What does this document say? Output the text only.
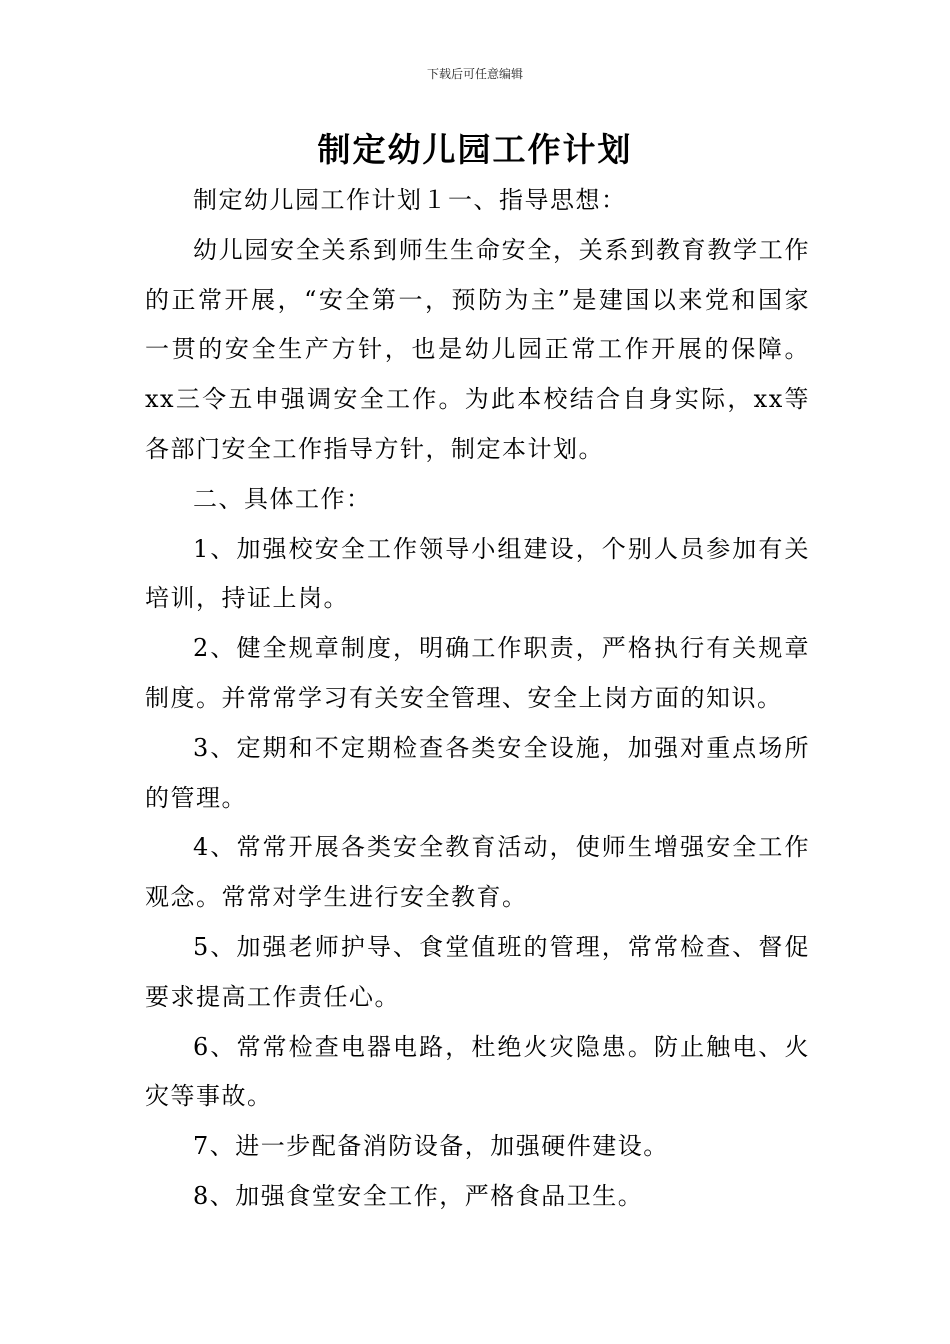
下载后可任意编辑
制定幼儿园工作计划

制定幼儿园工作计划１一、指导思想：

幼儿园安全关系到师生生命安全，关系到教育教学工作的正常开展，“安全第一，预防为主”是建国以来党和国家一贯的安全生产方针，也是幼儿园正常工作开展的保障。xx三令五申强调安全工作。为此本校结合自身实际，xx等各部门安全工作指导方针，制定本计划。

二、具体工作：

1、加强校安全工作领导小组建设，个别人员参加有关培训，持证上岗。

2、健全规章制度，明确工作职责，严格执行有关规章制度。并常常学习有关安全管理、安全上岗方面的知识。

3、定期和不定期检查各类安全设施，加强对重点场所的管理。

4、常常开展各类安全教育活动，使师生增强安全工作观念。常常对学生进行安全教育。

5、加强老师护导、食堂值班的管理，常常检查、督促要求提高工作责任心。

6、常常检查电器电路，杜绝火灾隐患。防止触电、火灾等事故。

7、进一步配备消防设备，加强硬件建设。

8、加强食堂安全工作，严格食品卫生。
